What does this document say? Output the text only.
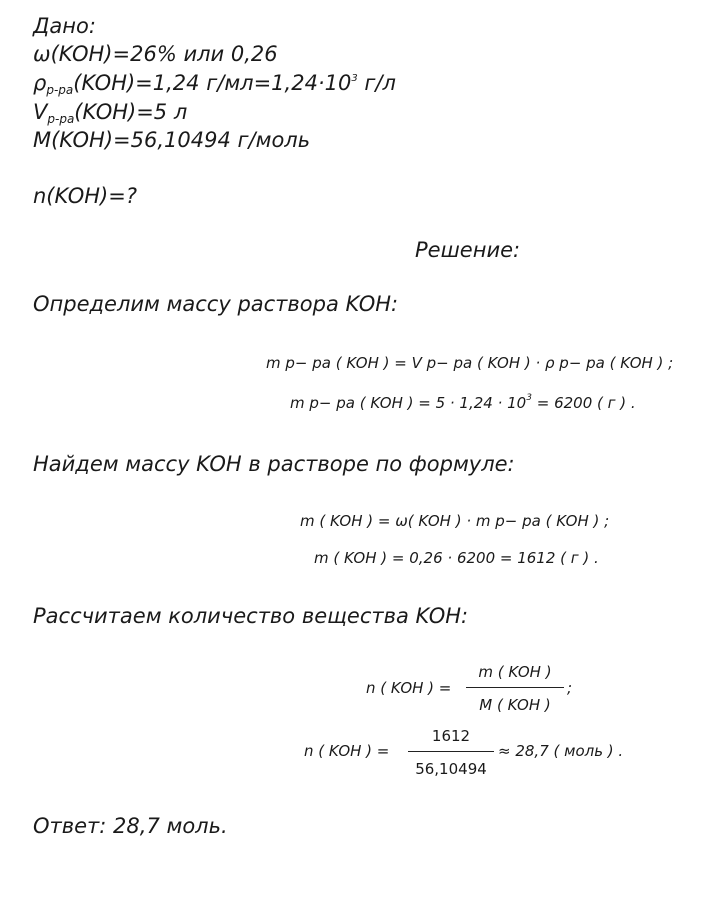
Дано:
ω(KOH)=26% или 0,26
ρр-ра(KOH)=1,24 $г/мл=1,24\cdot 10^3$ г/л
Vр-ра(KOH)=5 л
M(KOH)=56,10494 г/моль
n(KOH)=?
Решение:
Определим массу раствора KOH:
m р− ра ( KOH ) = V р− ра ( KOH ) · ρ р− ра ( KOH ) ;
m р− ра ( KOH ) = $5 \cdot 1,24 \cdot 10^3 = 6200$ ( г ) .
Найдем массу KOH в растворе по формуле:
m ( KOH ) = ω( KOH ) · m р− ра ( KOH ) ;
m ( KOH ) = 0,26 · 6200 = 1612 ( г ) .
Рассчитаем количество вещества KOH:
n ( KOH ) =
m ( KOH )
M ( KOH )
;
n ( KOH ) =
1612
56,10494
≈ 28,7 ( моль ) .
Ответ: 28,7 моль.
